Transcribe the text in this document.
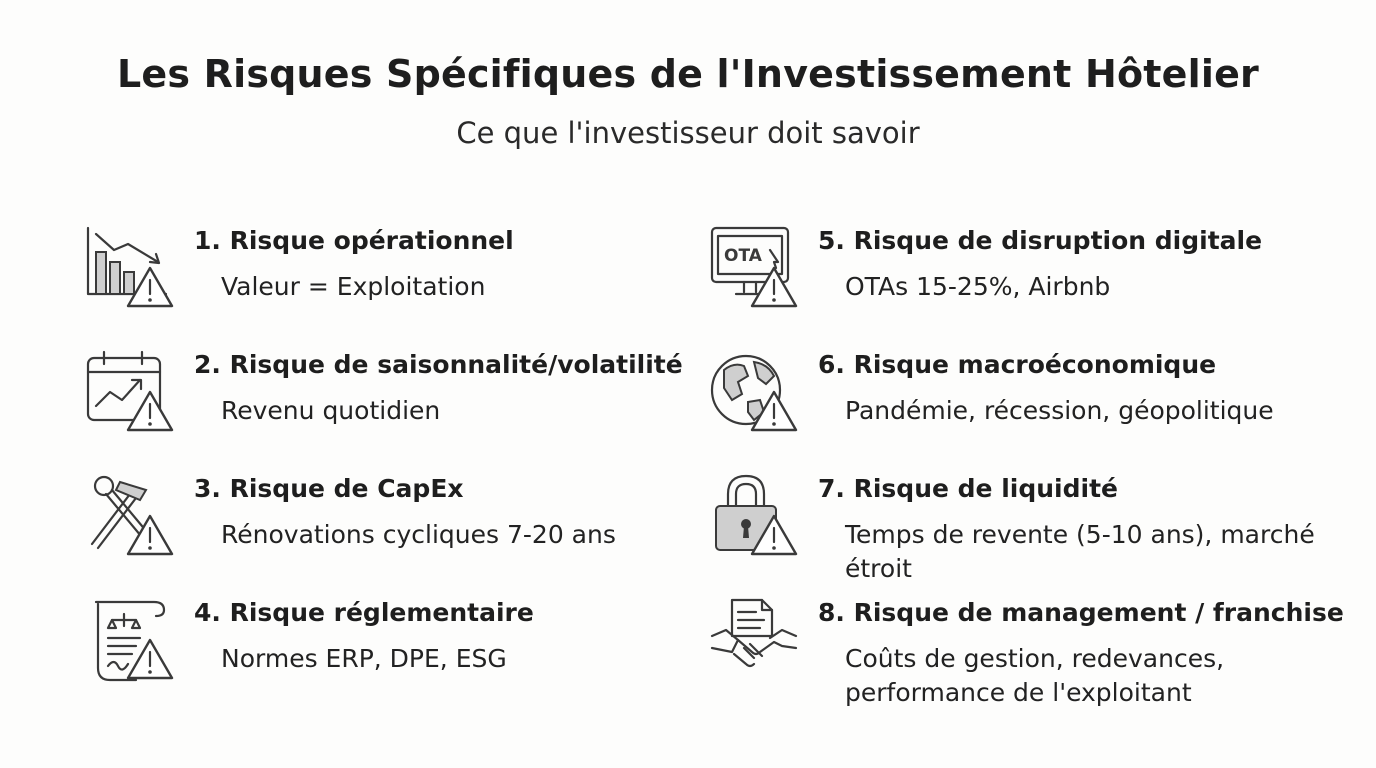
Les Risques Spécifiques de l'Investissement Hôtelier
Ce que l'investisseur doit savoir
1. Risque opérationnel
Valeur = Exploitation
2. Risque de saisonnalité/volatilité
Revenu quotidien
3. Risque de CapEx
Rénovations cycliques 7-20 ans
4. Risque réglementaire
Normes ERP, DPE, ESG
OTA
5. Risque de disruption digitale
OTAs 15-25%, Airbnb
6. Risque macroéconomique
Pandémie, récession, géopolitique
7. Risque de liquidité
Temps de revente (5-10 ans), marché étroit
8. Risque de management / franchise
Coûts de gestion, redevances, performance de l'exploitant
